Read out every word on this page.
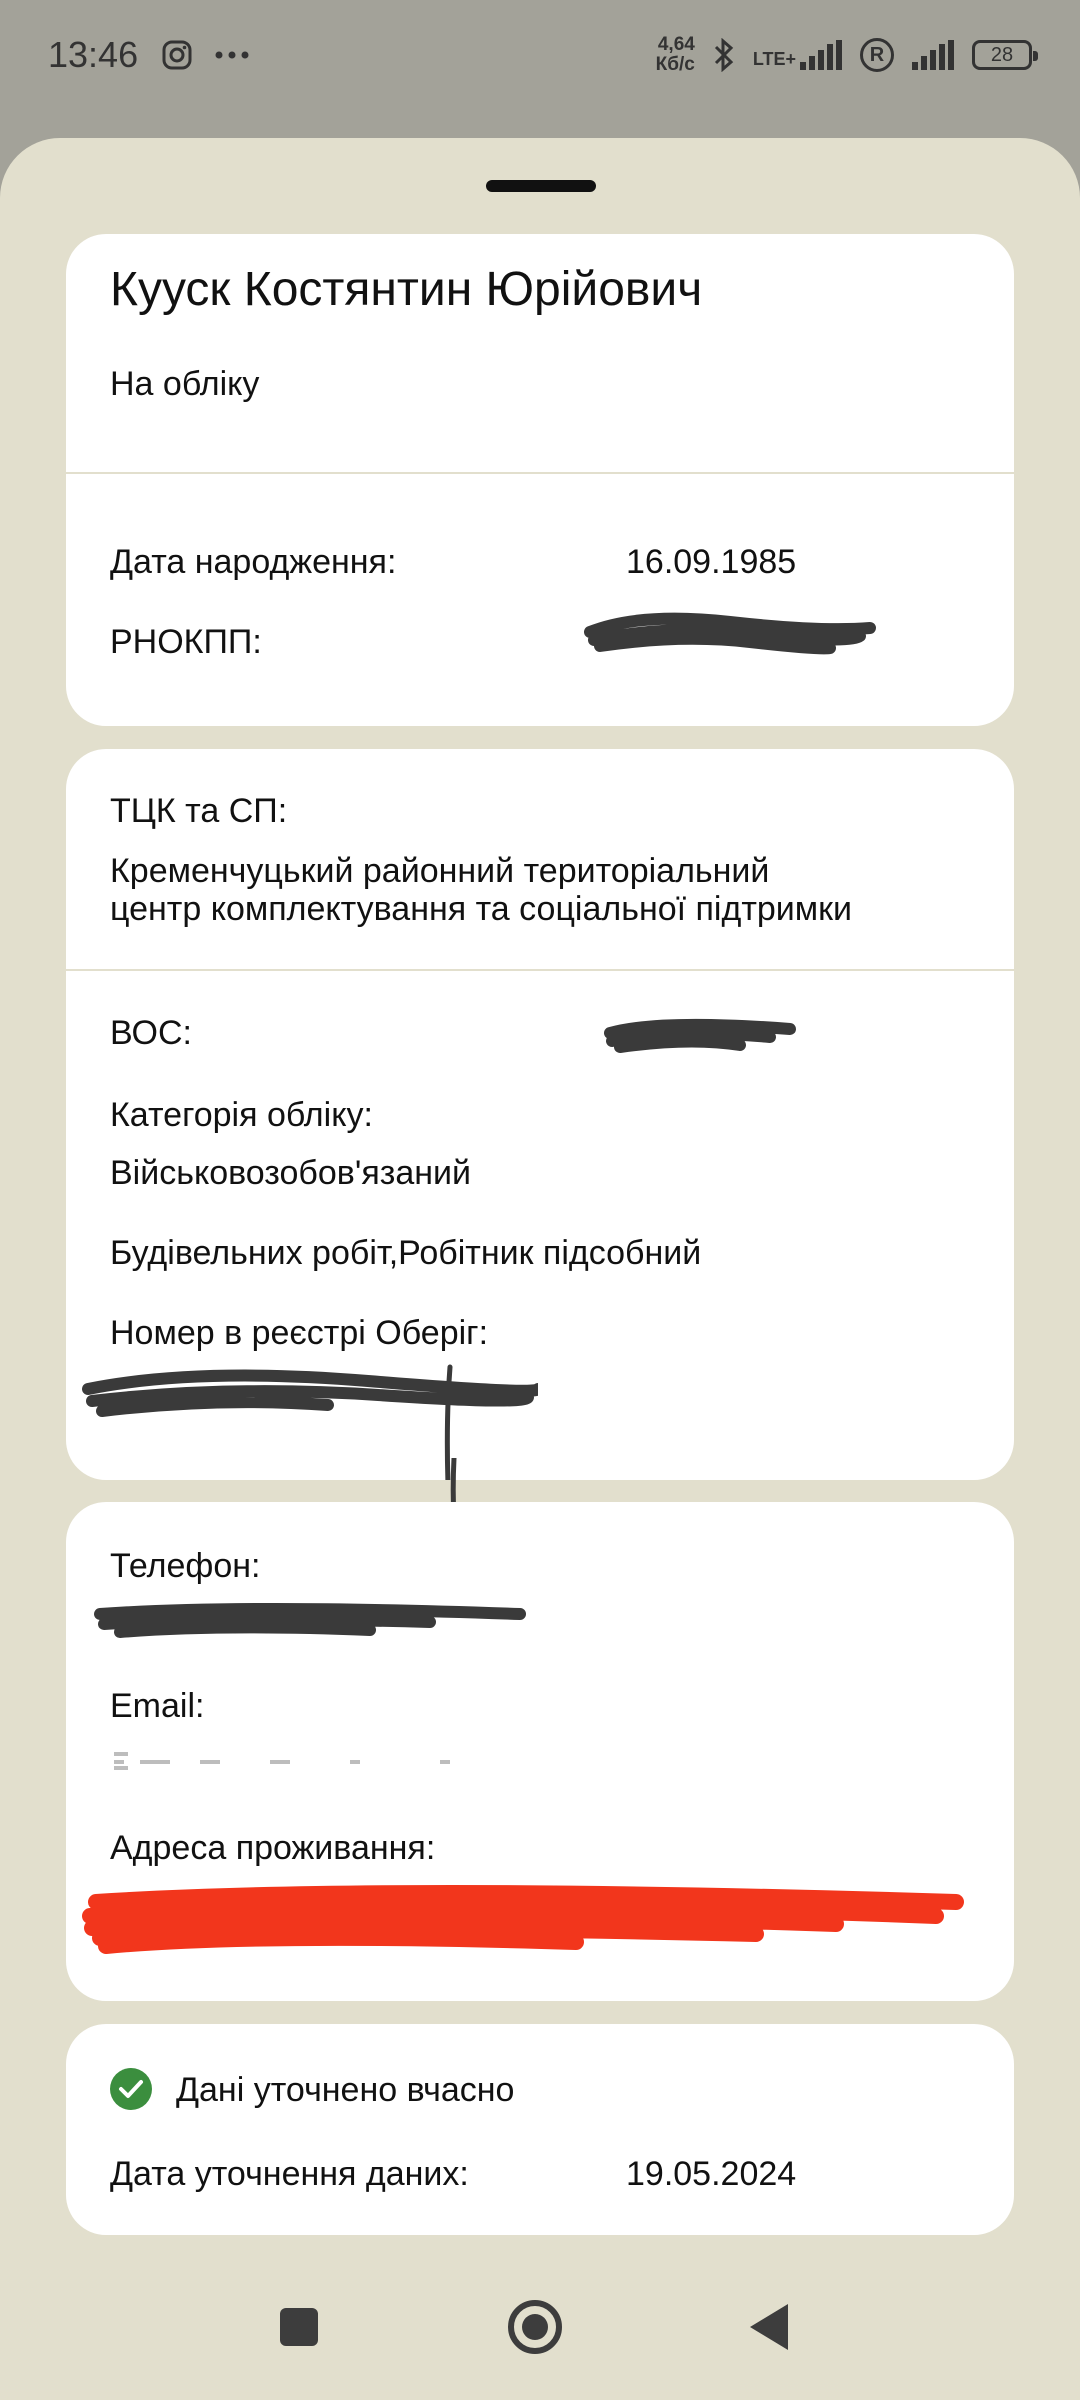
13:46	4,64
Кб/с	LTE+	R	28
Кууск Костянтин Юрійович
На обліку
Дата народження:	16.09.1985
РНОКПП:
ТЦК та СП:
Кременчуцький районний територіальний
центр комплектування та соціальної підтримки
ВОС:
Категорія обліку:
Військовозобов'язаний
Будівельних робіт,Робітник підсобний
Номер в реєстрі Оберіг:
Телефон:
Email:
Адреса проживання:
Дані уточнено вчасно
Дата уточнення даних:	19.05.2024
